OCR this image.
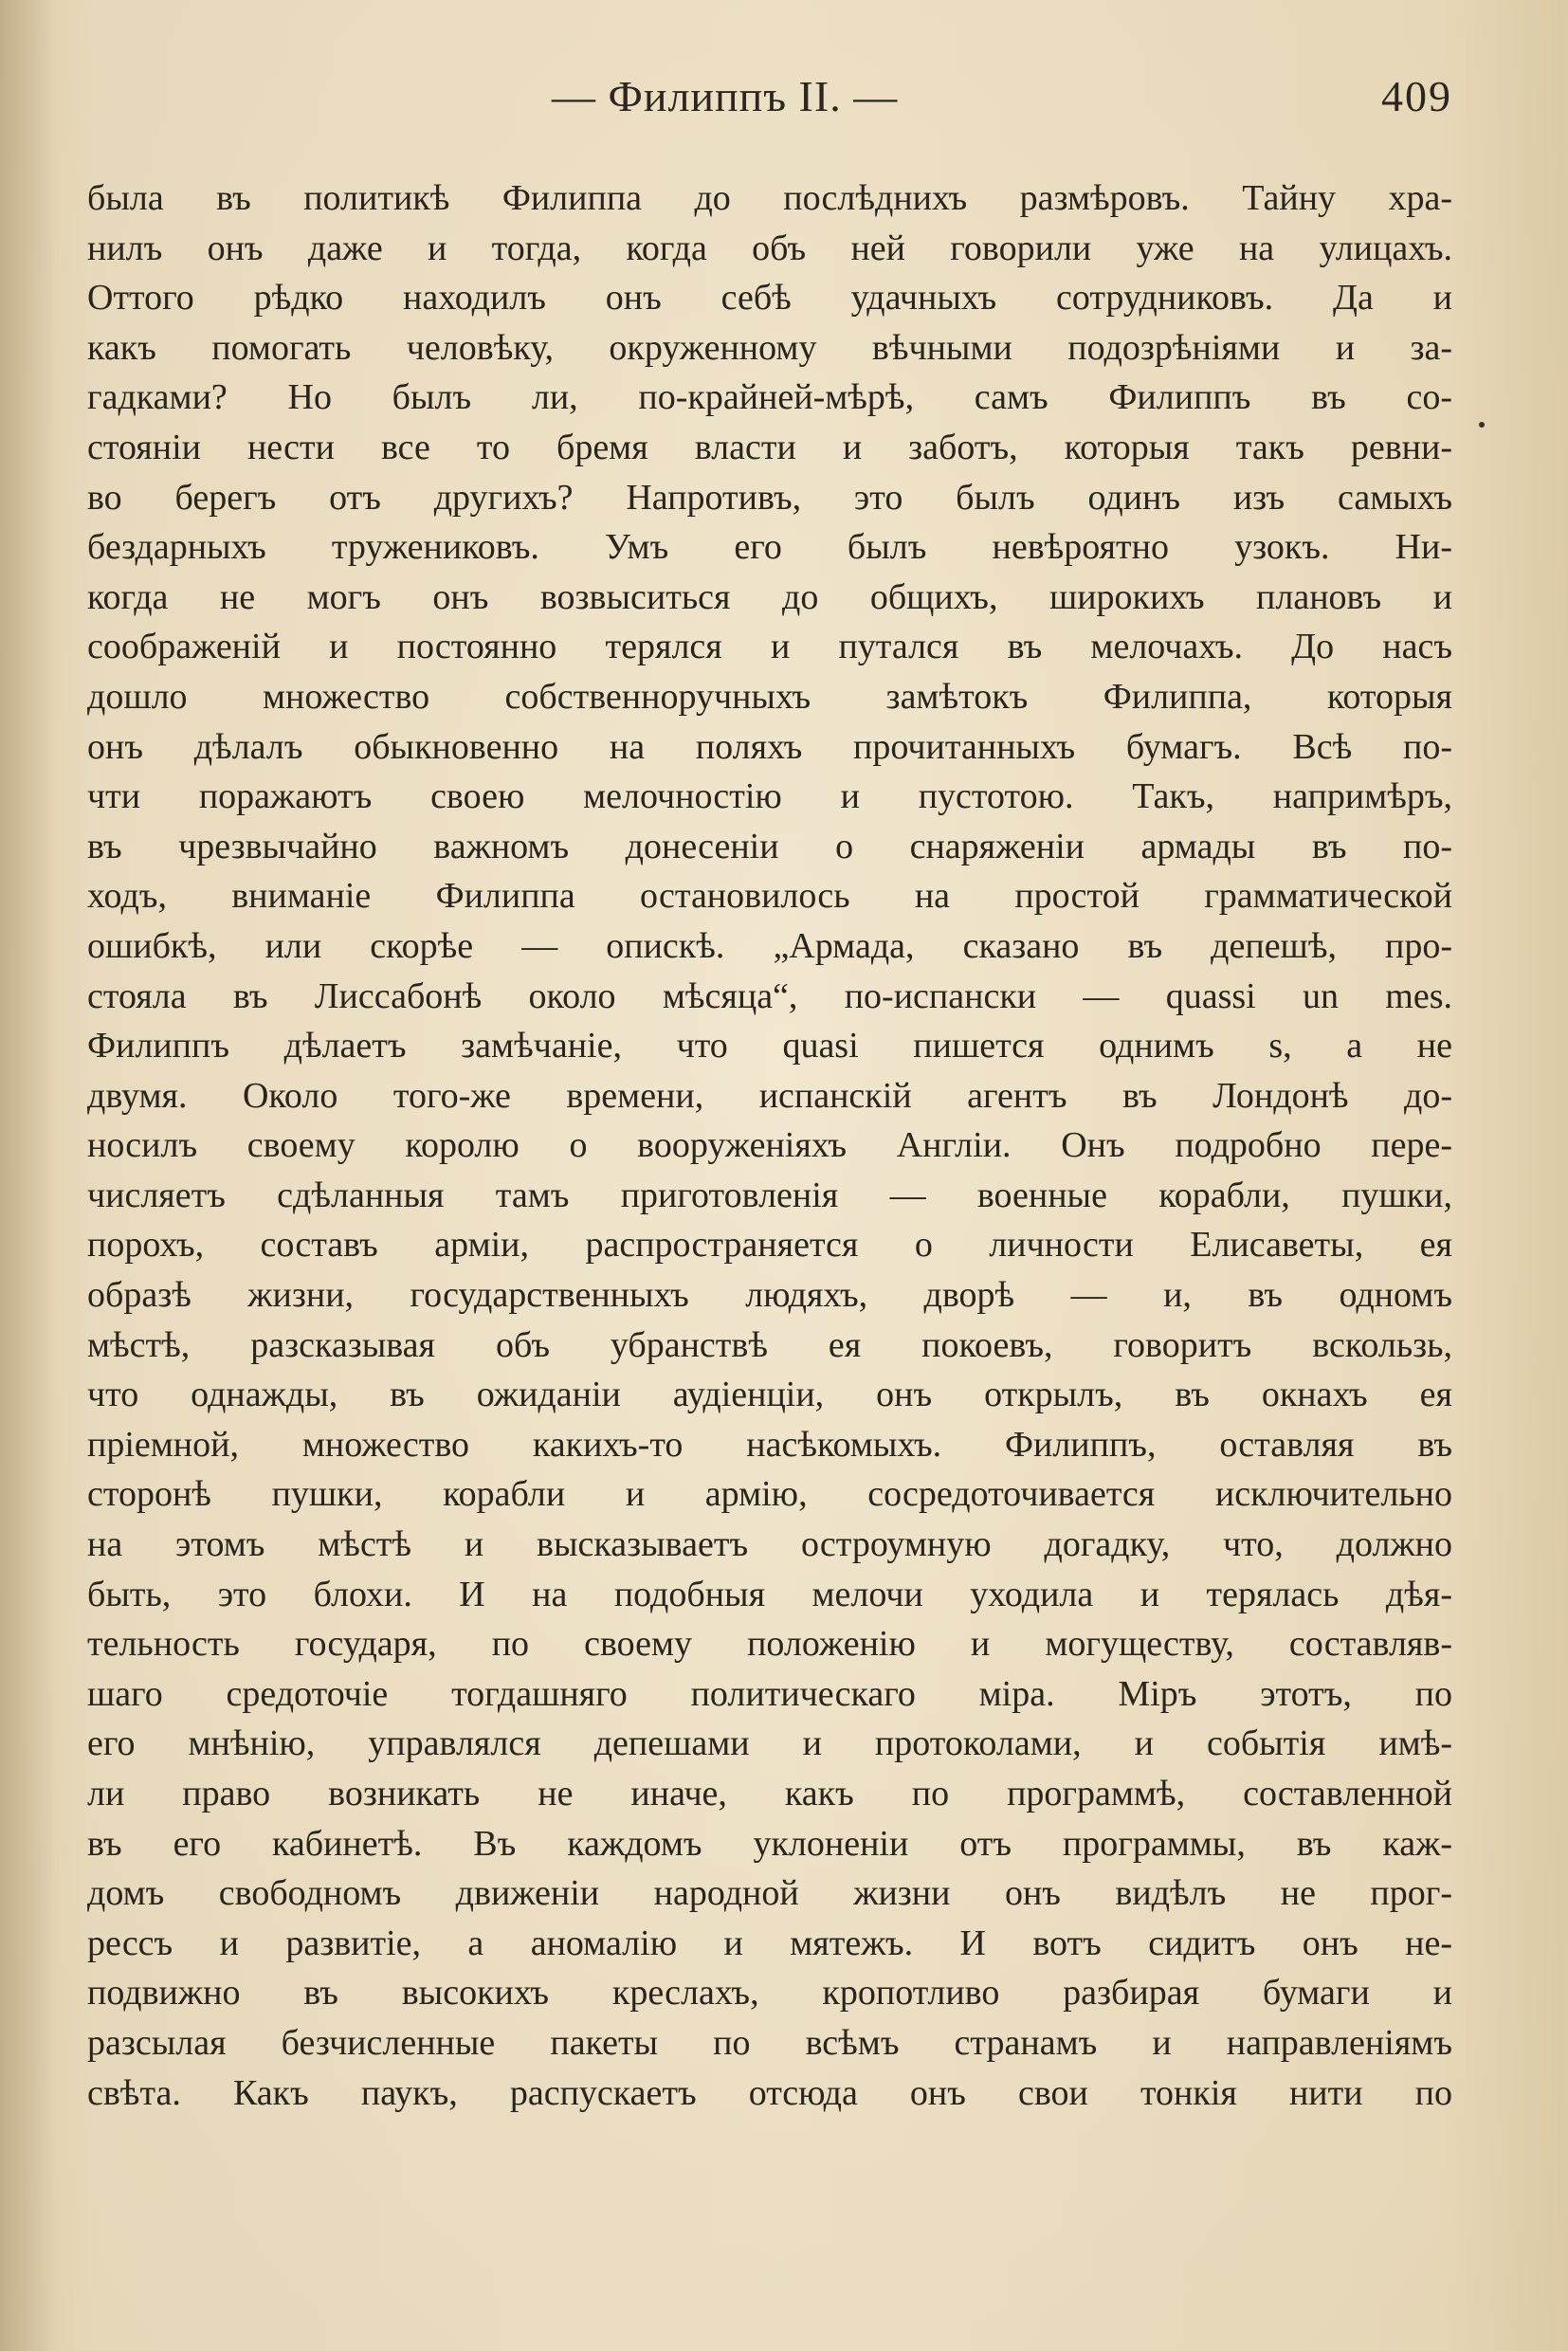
— Филиппъ II. —	409
была въ политикѣ Филиппа до послѣднихъ размѣровъ. Тайну хра-
нилъ онъ даже и тогда, когда объ ней говорили уже на улицахъ.
Оттого рѣдко находилъ онъ себѣ удачныхъ сотрудниковъ. Да и
какъ помогать человѣку, окруженному вѣчными подозрѣніями и за-
гадками? Но былъ ли, по-крайней-мѣрѣ, самъ Филиппъ въ со-
стояніи нести все то бремя власти и заботъ, которыя такъ ревни-
во берегъ отъ другихъ? Напротивъ, это былъ одинъ изъ самыхъ
бездарныхъ тружениковъ. Умъ его былъ невѣроятно узокъ. Ни-
когда не могъ онъ возвыситься до общихъ, широкихъ плановъ и
соображеній и постоянно терялся и путался въ мелочахъ. До насъ
дошло множество собственноручныхъ замѣтокъ Филиппа, которыя
онъ дѣлалъ обыкновенно на поляхъ прочитанныхъ бумагъ. Всѣ по-
чти поражаютъ своею мелочностію и пустотою. Такъ, напримѣръ,
въ чрезвычайно важномъ донесеніи о снаряженіи армады въ по-
ходъ, вниманіе Филиппа остановилось на простой грамматической
ошибкѣ, или скорѣе — опискѣ. „Армада, сказано въ депешѣ, про-
стояла въ Лиссабонѣ около мѣсяца“, по-испански — quassi un mes.
Филиппъ дѣлаетъ замѣчаніе, что quasi пишется однимъ s, а не
двумя. Около того-же времени, испанскій агентъ въ Лондонѣ до-
носилъ своему королю о вооруженіяхъ Англіи. Онъ подробно пере-
числяетъ сдѣланныя тамъ приготовленія — военные корабли, пушки,
порохъ, составъ арміи, распространяется о личности Елисаветы, ея
образѣ жизни, государственныхъ людяхъ, дворѣ — и, въ одномъ
мѣстѣ, разсказывая объ убранствѣ ея покоевъ, говоритъ вскользь,
что однажды, въ ожиданіи аудіенціи, онъ открылъ, въ окнахъ ея
пріемной, множество какихъ-то насѣкомыхъ. Филиппъ, оставляя въ
сторонѣ пушки, корабли и армію, сосредоточивается исключительно
на этомъ мѣстѣ и высказываетъ остроумную догадку, что, должно
быть, это блохи. И на подобныя мелочи уходила и терялась дѣя-
тельность государя, по своему положенію и могуществу, составляв-
шаго средоточіе тогдашняго политическаго міра. Міръ этотъ, по
его мнѣнію, управлялся депешами и протоколами, и событія имѣ-
ли право возникать не иначе, какъ по программѣ, составленной
въ его кабинетѣ. Въ каждомъ уклоненіи отъ программы, въ каж-
домъ свободномъ движеніи народной жизни онъ видѣлъ не прог-
рессъ и развитіе, а аномалію и мятежъ. И вотъ сидитъ онъ не-
подвижно въ высокихъ креслахъ, кропотливо разбирая бумаги и
разсылая безчисленные пакеты по всѣмъ странамъ и направленіямъ
свѣта. Какъ паукъ, распускаетъ отсюда онъ свои тонкія нити по
